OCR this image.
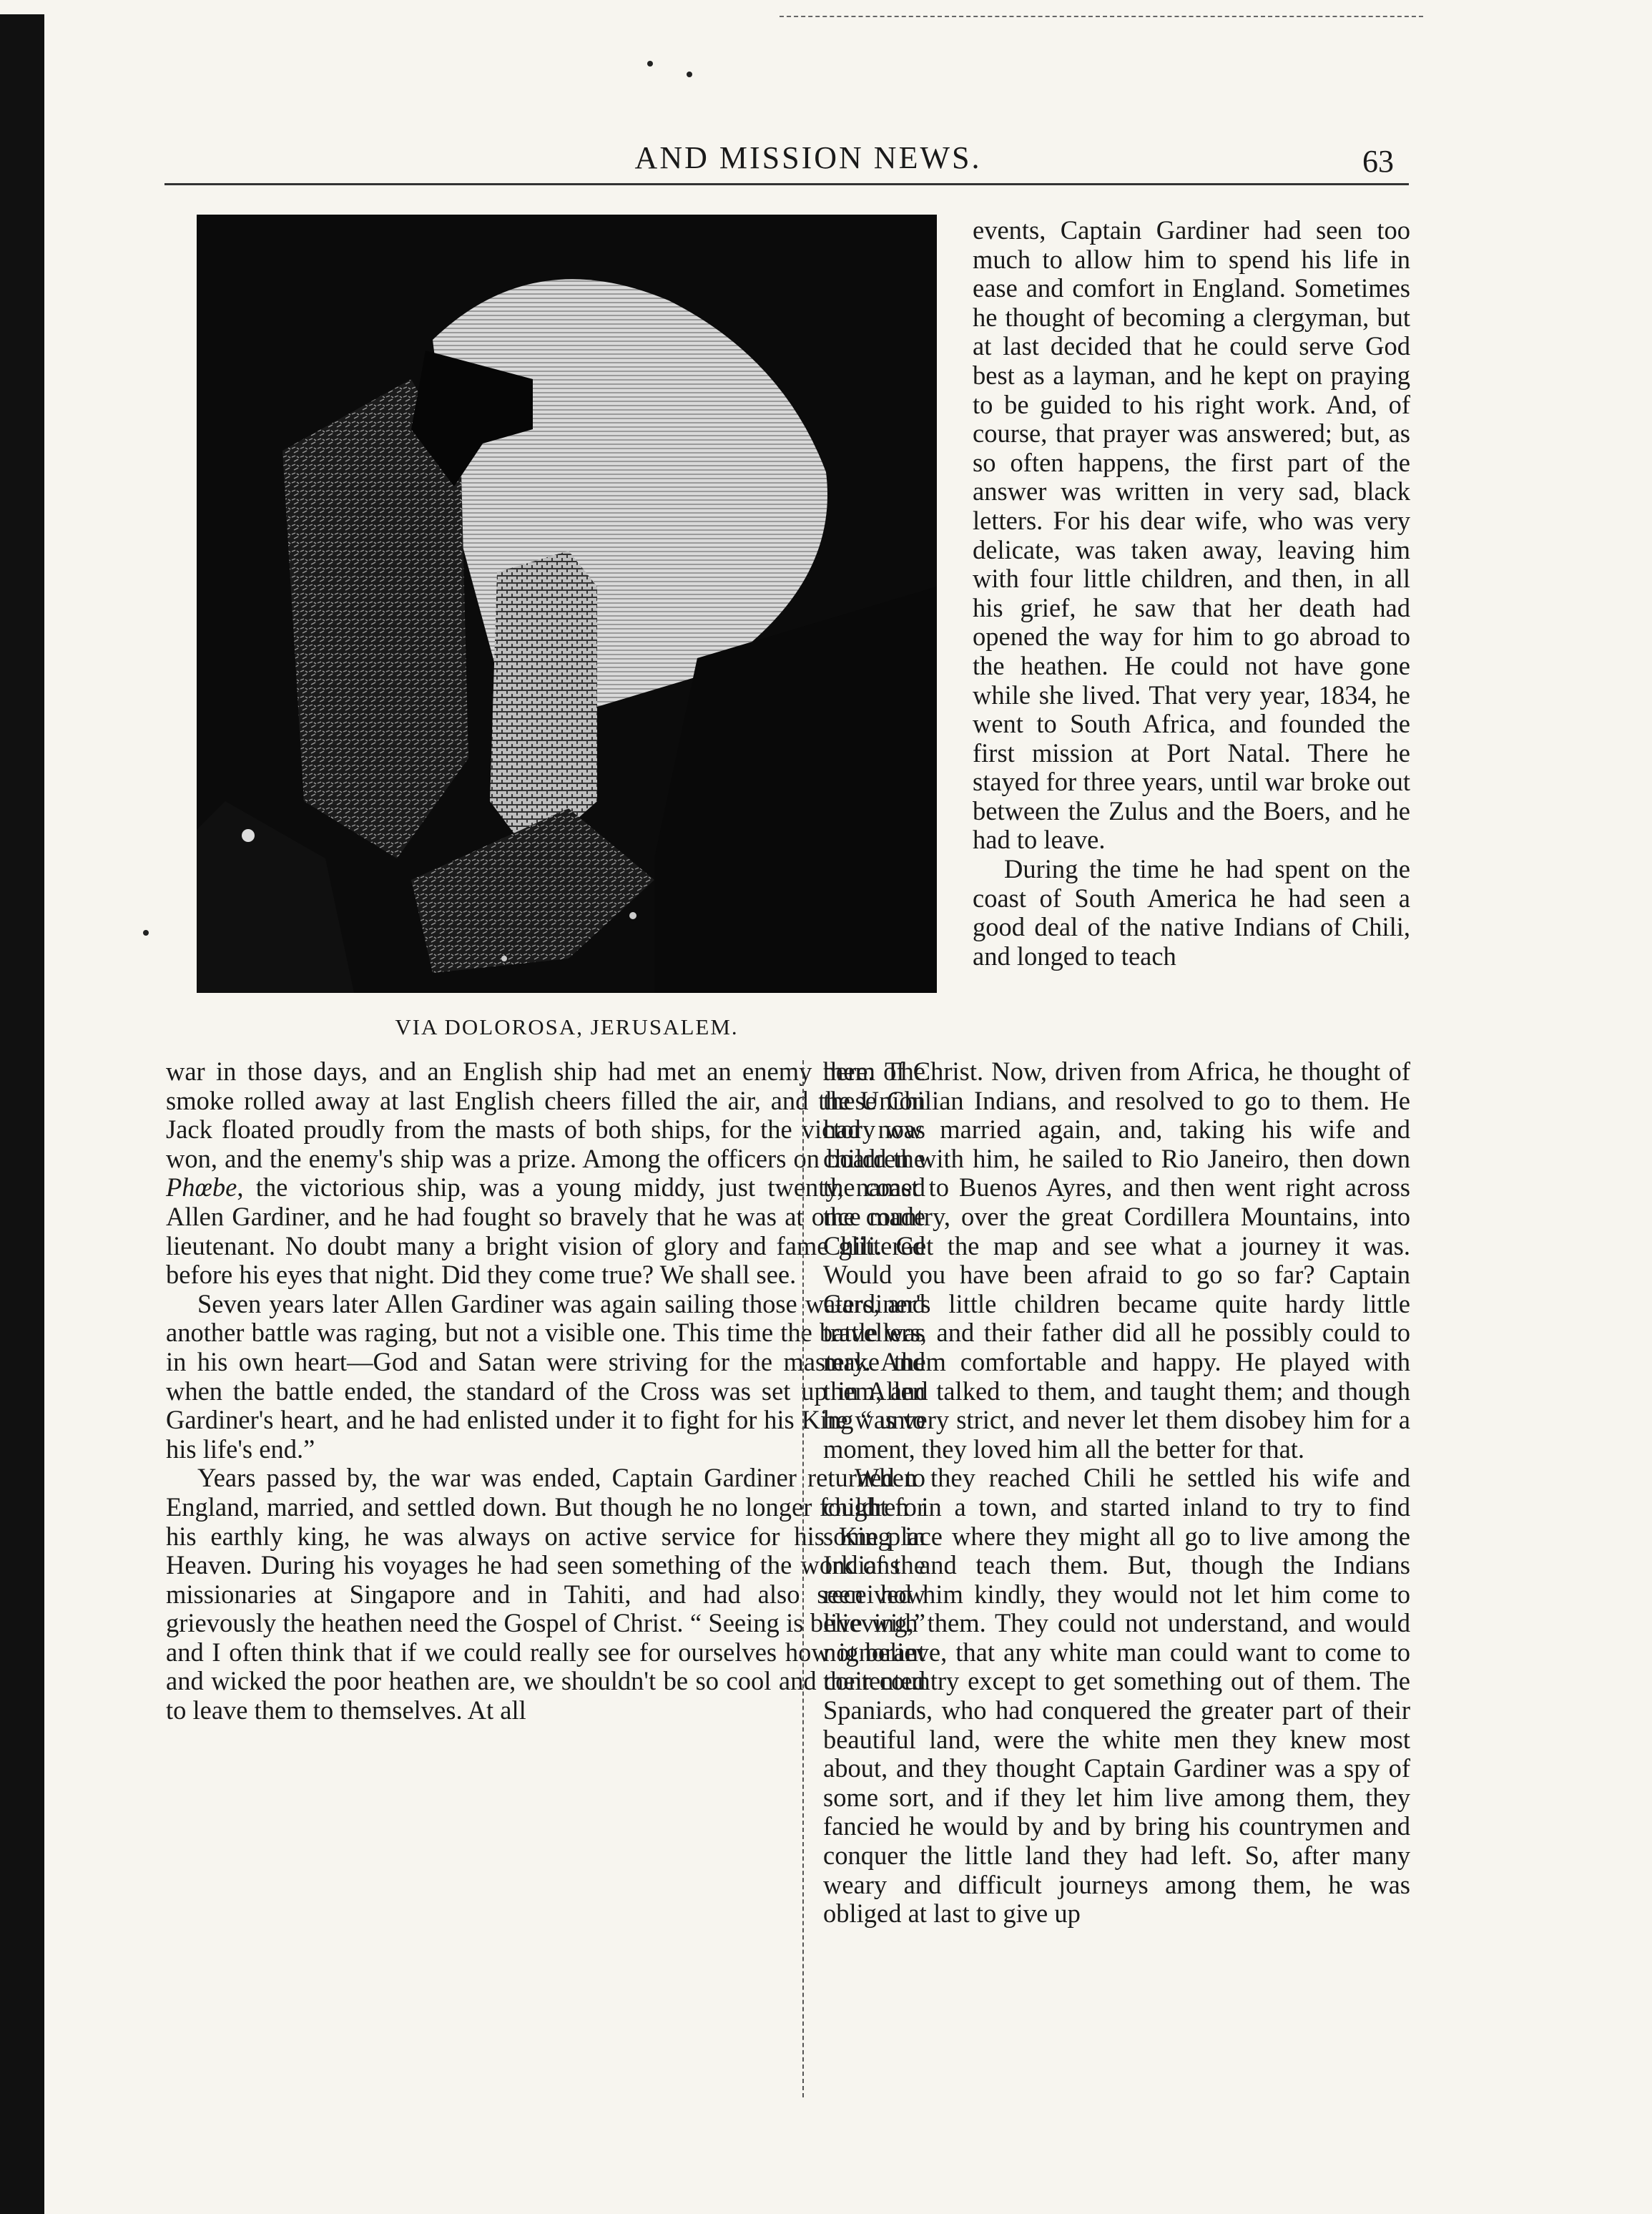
AND MISSION NEWS.	63
VIA DOLOROSA, JERUSALEM.

events, Captain Gardiner had seen too much to allow him to spend his life in ease and comfort in England. Sometimes he thought of becoming a clergyman, but at last decided that he could serve God best as a layman, and he kept on praying to be guided to his right work. And, of course, that prayer was answered; but, as so often happens, the first part of the answer was written in very sad, black letters. For his dear wife, who was very delicate, was taken away, leaving him with four little children, and then, in all his grief, he saw that her death had opened the way for him to go abroad to the heathen. He could not have gone while she lived. That very year, 1834, he went to South Africa, and founded the first mission at Port Natal. There he stayed for three years, until war broke out between the Zulus and the Boers, and he had to leave.

During the time he had spent on the coast of South America he had seen a good deal of the native Indians of Chili, and longed to teach

war in those days, and an English ship had met an enemy here. The smoke rolled away at last English cheers filled the air, and the Union Jack floated proudly from the masts of both ships, for the victory was won, and the enemy's ship was a prize. Among the officers on board the Phœbe, the victorious ship, was a young middy, just twenty, named Allen Gardiner, and he had fought so bravely that he was at once made lieutenant. No doubt many a bright vision of glory and fame glittered before his eyes that night. Did they come true? We shall see.

Seven years later Allen Gardiner was again sailing those waters, and another battle was raging, but not a visible one. This time the battle was in his own heart—God and Satan were striving for the mastery. And when the battle ended, the standard of the Cross was set up in Allen Gardiner's heart, and he had enlisted under it to fight for his King “ unto his life's end.”

Years passed by, the war was ended, Captain Gardiner returned to England, married, and settled down. But though he no longer fought for his earthly king, he was always on active service for his King in Heaven. During his voyages he had seen something of the work of the missionaries at Singapore and in Tahiti, and had also seen how grievously the heathen need the Gospel of Christ. “ Seeing is believing,” and I often think that if we could really see for ourselves how ignorant and wicked the poor heathen are, we shouldn't be so cool and contented to leave them to themselves. At all

them of Christ. Now, driven from Africa, he thought of these Chilian Indians, and resolved to go to them. He had now married again, and, taking his wife and children with him, he sailed to Rio Janeiro, then down the coast to Buenos Ayres, and then went right across the country, over the great Cordillera Mountains, into Chili. Get the map and see what a journey it was. Would you have been afraid to go so far? Captain Gardiner's little children became quite hardy little travellers, and their father did all he possibly could to make them comfortable and happy. He played with them, and talked to them, and taught them; and though he was very strict, and never let them disobey him for a moment, they loved him all the better for that.

When they reached Chili he settled his wife and children in a town, and started inland to try to find some place where they might all go to live among the Indians and teach them. But, though the Indians received him kindly, they would not let him come to live with them. They could not understand, and would not believe, that any white man could want to come to their country except to get something out of them. The Spaniards, who had conquered the greater part of their beautiful land, were the white men they knew most about, and they thought Captain Gardiner was a spy of some sort, and if they let him live among them, they fancied he would by and by bring his countrymen and conquer the little land they had left. So, after many weary and difficult journeys among them, he was obliged at last to give up
